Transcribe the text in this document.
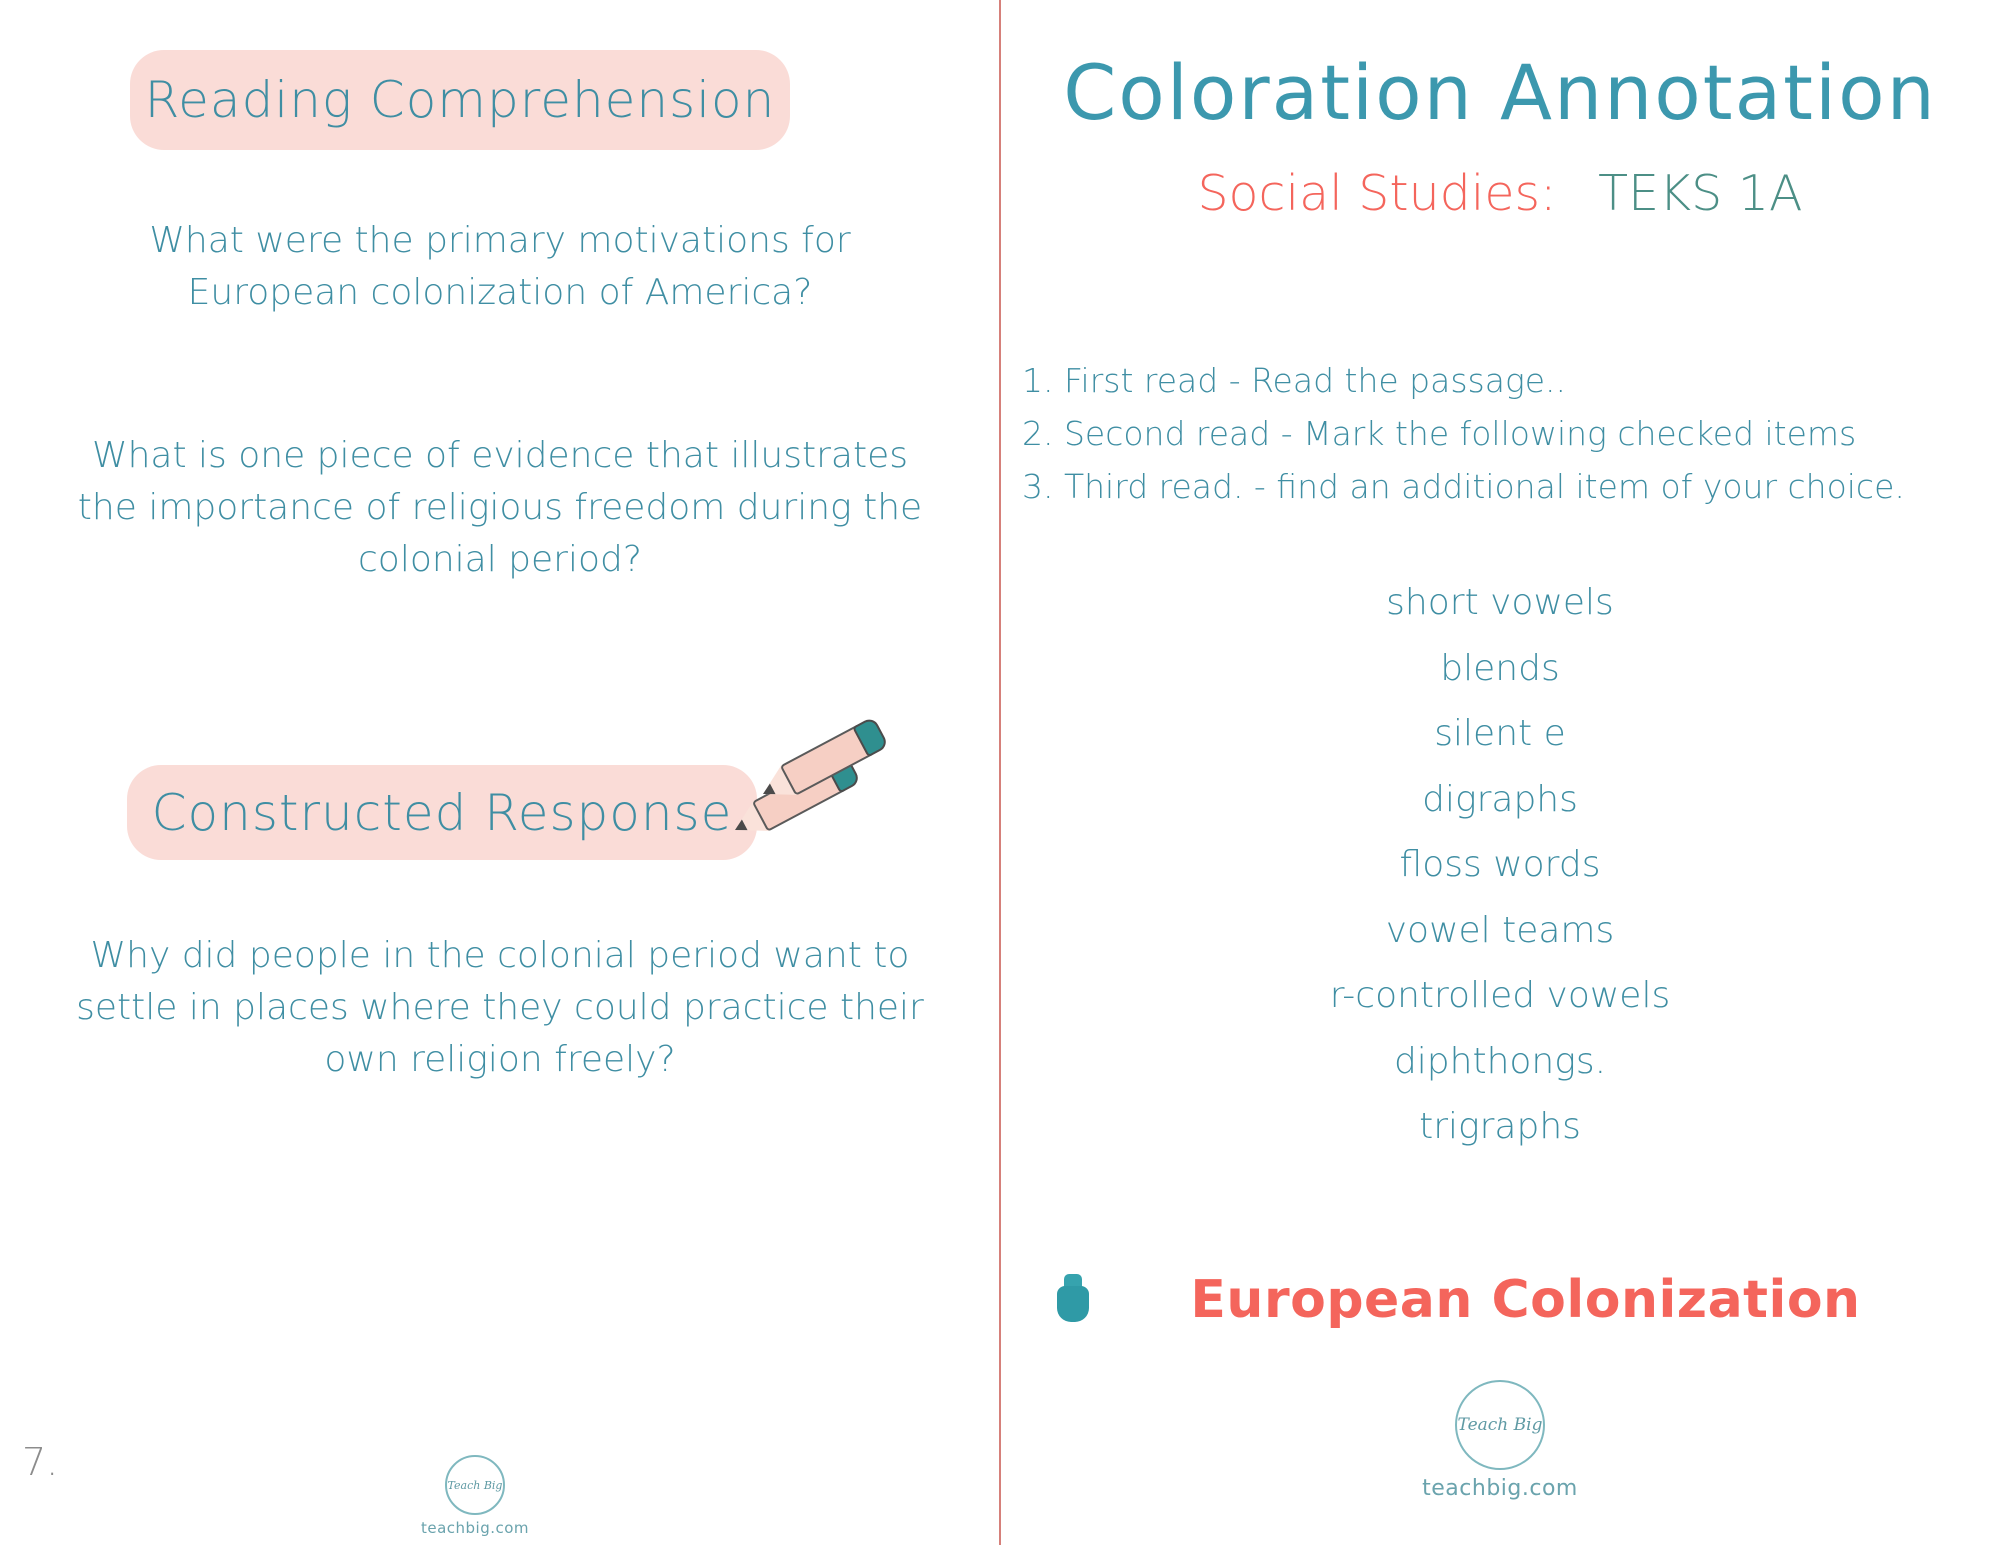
Reading Comprehension
What were the primary motivations for European colonization of America?
What is one piece of evidence that illustrates the importance of religious freedom during the colonial period?
Constructed Response
Why did people in the colonial period want to settle in places where they could practice their own religion freely?
7.
Teach Big
teachbig.com
Coloration Annotation
Social Studies: TEKS 1A
1. First read - Read the passage..
2. Second read - Mark the following checked items
3. Third read. - find an additional item of your choice.
short vowels
blends
silent e
digraphs
floss words
vowel teams
r-controlled vowels
diphthongs.
trigraphs
European Colonization
Teach Big
teachbig.com
